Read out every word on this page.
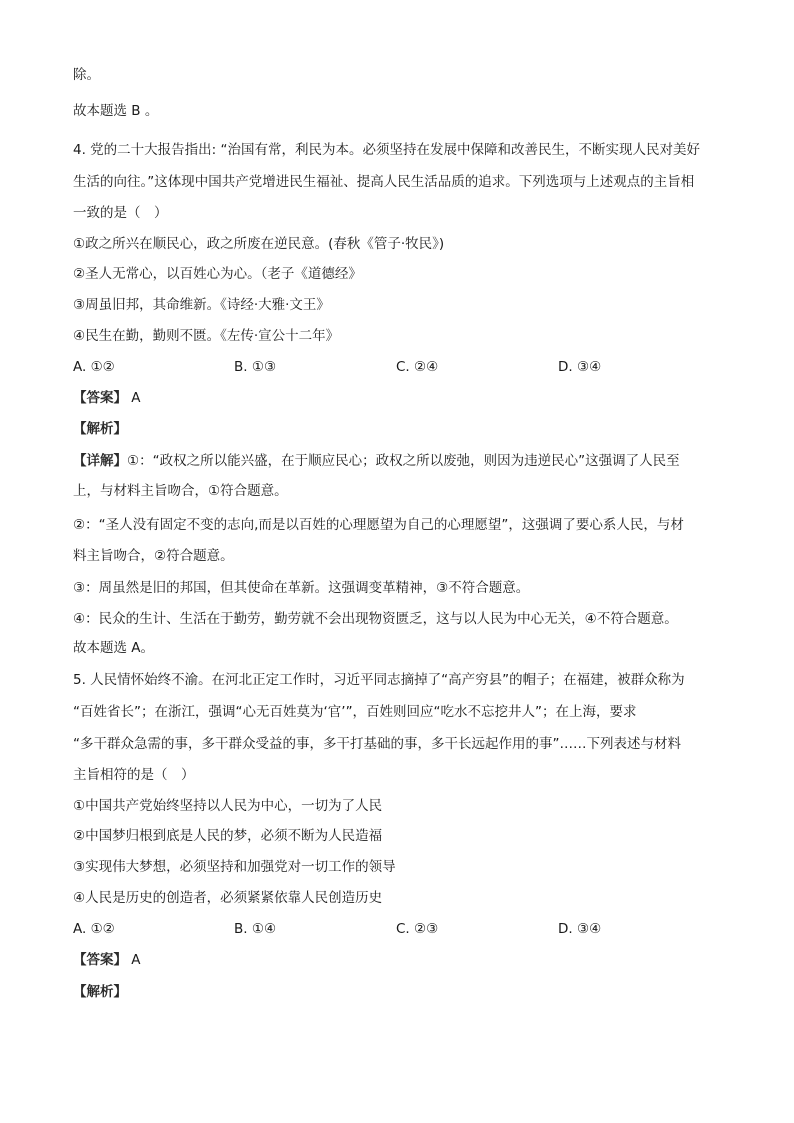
除。
故本题选 B 。
4. 党的二十大报告指出: “治国有常，利民为本。必须坚持在发展中保障和改善民生，不断实现人民对美好
生活的向往。”这体现中国共产党增进民生福祉、提高人民生活品质的追求。下列选项与上述观点的主旨相
一致的是（　）
①政之所兴在顺民心，政之所废在逆民意。(春秋《管子·牧民》)
②圣人无常心，以百姓心为心。（老子《道德经》
③周虽旧邦，其命维新。《诗经·大雅·文王》
④民生在勤，勤则不匮。《左传·宣公十二年》
A. ①②	B. ①③	C. ②④	D. ③④
【答案】 A
【解析】
【详解】①：“政权之所以能兴盛，在于顺应民心；政权之所以废弛，则因为违逆民心”这强调了人民至
上，与材料主旨吻合，①符合题意。
②：“圣人没有固定不变的志向,而是以百姓的心理愿望为自己的心理愿望”，这强调了要心系人民，与材
料主旨吻合，②符合题意。
③：周虽然是旧的邦国，但其使命在革新。这强调变革精神，③不符合题意。
④：民众的生计、生活在于勤劳，勤劳就不会出现物资匮乏，这与以人民为中心无关，④不符合题意。
故本题选 A。
5. 人民情怀始终不渝。在河北正定工作时，习近平同志摘掉了“高产穷县”的帽子；在福建，被群众称为
“百姓省长”；在浙江，强调“心无百姓莫为‘官’”，百姓则回应“吃水不忘挖井人”；在上海，要求
“多干群众急需的事，多干群众受益的事，多干打基础的事，多干长远起作用的事”……下列表述与材料
主旨相符的是（　）
①中国共产党始终坚持以人民为中心，一切为了人民
②中国梦归根到底是人民的梦，必须不断为人民造福
③实现伟大梦想，必须坚持和加强党对一切工作的领导
④人民是历史的创造者，必须紧紧依靠人民创造历史
A. ①②	B. ①④	C. ②③	D. ③④
【答案】 A
【解析】
